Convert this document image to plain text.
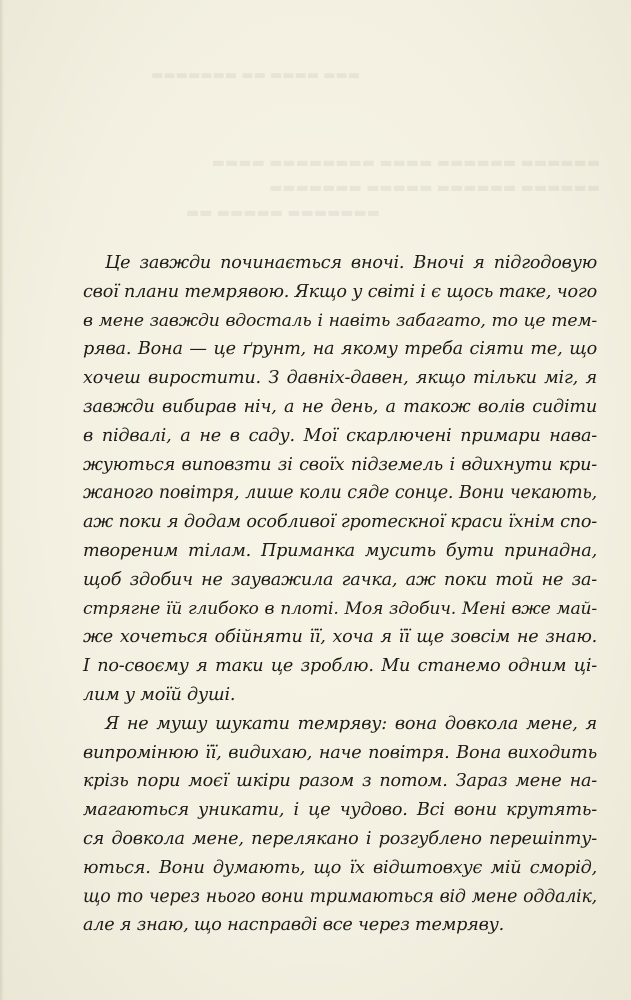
▬▬▬ ▬▬▬▬ ▬▬ ▬▬▬▬▬▬▬
▬▬▬▬▬▬ ▬▬▬▬▬▬ ▬▬▬▬ ▬▬▬▬▬▬▬▬ ▬▬▬▬
▬▬▬▬▬▬ ▬▬▬▬▬▬ ▬▬▬▬▬ ▬▬▬▬▬▬▬
▬▬▬▬▬▬▬ ▬▬▬▬▬ ▬▬
Це завжди починається вночі. Вночі я підгодовую
свої плани темрявою. Якщо у світі і є щось таке, чого
в мене завжди вдосталь і навіть забагато, то це тем-
рява. Вона — це ґрунт, на якому треба сіяти те, що
хочеш виростити. З давніх-давен, якщо тільки міг, я
завжди вибирав ніч, а не день, а також волів сидіти
в підвалі, а не в саду. Мої скарлючені примари нава-
жуються виповзти зі своїх підземель і вдихнути кри-
жаного повітря, лише коли сяде сонце. Вони чекають,
аж поки я додам особливої гротескної краси їхнім спо-
твореним тілам. Приманка мусить бути принадна,
щоб здобич не зауважила гачка, аж поки той не за-
стрягне їй глибоко в плоті. Моя здобич. Мені вже май-
же хочеться обійняти її, хоча я її ще зовсім не знаю.
І по-своєму я таки це зроблю. Ми станемо одним ці-
лим у моїй душі.
Я не мушу шукати темряву: вона довкола мене, я
випромінюю її, видихаю, наче повітря. Вона виходить
крізь пори моєї шкіри разом з потом. Зараз мене на-
магаються уникати, і це чудово. Всі вони крутять-
ся довкола мене, перелякано і розгублено перешіпту-
ються. Вони думають, що їх відштовхує мій сморід,
що то через нього вони тримаються від мене оддалік,
але я знаю, що насправді все через темряву.
